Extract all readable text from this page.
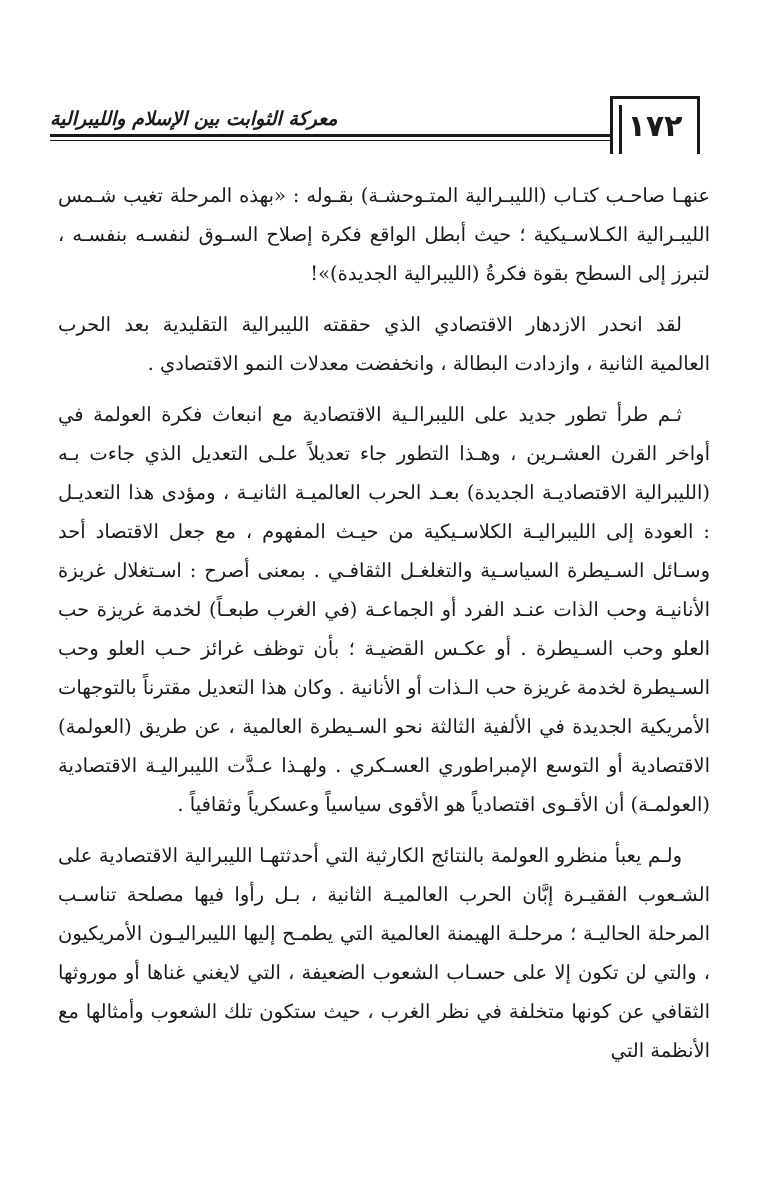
١٧٢
معركة الثوابت بين الإسلام والليبرالية

عنهـا صاحـب كتـاب (الليبـرالية المتـوحشـة) بقـوله : «بهذه المرحلة تغيب شـمس الليبـرالية الكـلاسـيكية ؛ حيث أبطل الواقع فكرة إصلاح السـوق لنفسـه بنفسـه ، لتبرز إلى السطح بقوة فكرةُ (الليبرالية الجديدة)»!

لقد انحدر الازدهار الاقتصادي الذي حققته الليبرالية التقليدية بعد الحرب العالمية الثانية ، وازدادت البطالة ، وانخفضت معدلات النمو الاقتصادي .

ثـم طرأ تطور جديد على الليبرالـية الاقتصادية مع انبعاث فكرة العولمة في أواخر القرن العشـرين ، وهـذا التطور جاء تعديلاً علـى التعديل الذي جاءت بـه (الليبرالية الاقتصاديـة الجديدة) بعـد الحرب العالميـة الثانيـة ، ومؤدى هذا التعديـل : العودة إلى الليبراليـة الكلاسـيكية من حيـث المفهوم ، مع جعل الاقتصاد أحد وسـائل السـيطرة السياسـية والتغلغـل الثقافـي . بمعنى أصرح : اسـتغلال غريزة الأنانيـة وحب الذات عنـد الفرد أو الجماعـة (في الغرب طبعـاً) لخدمة غريزة حب العلو وحب السـيطرة . أو عكـس القضيـة ؛ بأن توظف غرائز حـب العلو وحب السـيطرة لخدمة غريزة حب الـذات أو الأنانية . وكان هذا التعديل مقترناً بالتوجهات الأمريكية الجديدة في الألفية الثالثة نحو السـيطرة العالمية ، عن طريق (العولمة) الاقتصادية أو التوسع الإمبراطوري العسـكري . ولهـذا عـدَّت الليبراليـة الاقتصادية (العولمـة) أن الأقـوى اقتصادياً هو الأقوى سياسياً وعسكرياً وثقافياً .

ولـم يعبأ منظرو العولمة بالنتائج الكارثية التي أحدثتهـا الليبرالية الاقتصادية على الشـعوب الفقيـرة إبَّان الحرب العالميـة الثانية ، بـل رأوا فيها مصلحة تناسـب المرحلة الحاليـة ؛ مرحلـة الهيمنة العالمية التي يطمـح إليها الليبراليـون الأمريكيون ، والتي لن تكون إلا على حسـاب الشعوب الضعيفة ، التي لايغني غناها أو موروثها الثقافي عن كونها متخلفة في نظر الغرب ، حيث ستكون تلك الشعوب وأمثالها مع الأنظمة التي
